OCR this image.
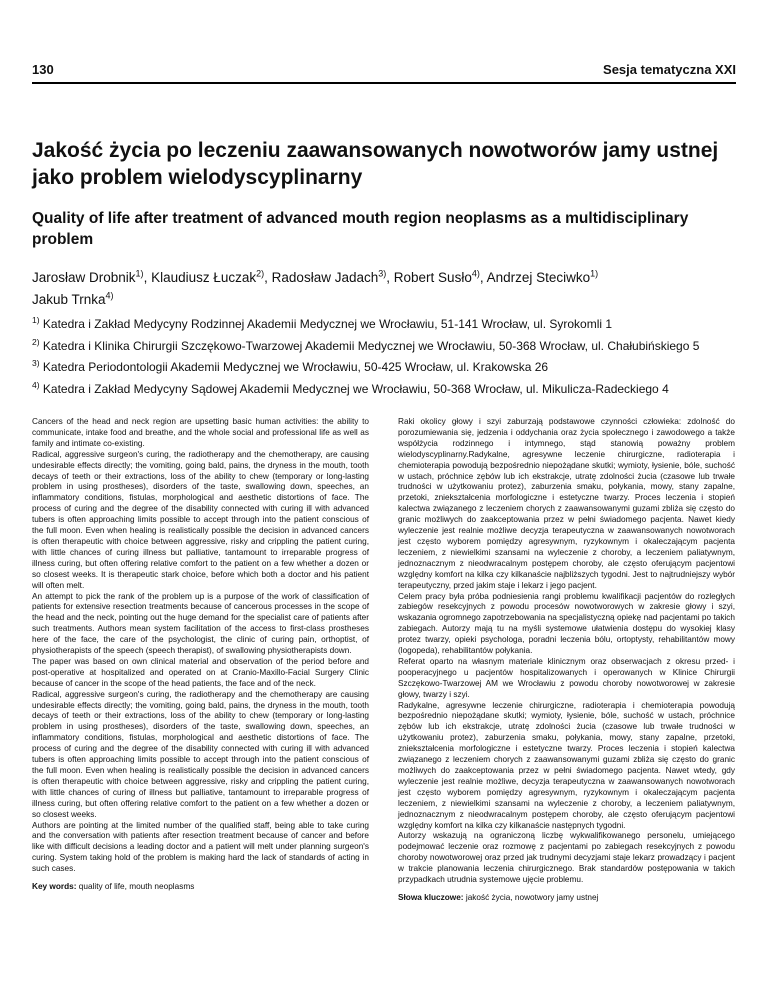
130	Sesja tematyczna XXI
Jakość życia po leczeniu zaawansowanych nowotworów jamy ustnej jako problem wielodyscyplinarny
Quality of life after treatment of advanced mouth region neoplasms as a multidisciplinary problem
Jarosław Drobnik$^{1)}$, Klaudiusz Łuczak$^{2)}$, Radosław Jadach$^{3)}$, Robert Susło$^{4)}$, Andrzej Steciwko$^{1)}$
Jakub Trnka$^{4)}$
$^{1)}$ Katedra i Zakład Medycyny Rodzinnej Akademii Medycznej we Wrocławiu, 51-141 Wrocław, ul. Syrokomli 1
$^{2)}$ Katedra i Klinika Chirurgii Szczękowo-Twarzowej Akademii Medycznej we Wrocławiu, 50-368 Wrocław, ul. Chałubińskiego 5
$^{3)}$ Katedra Periodontologii Akademii Medycznej we Wrocławiu, 50-425 Wrocław, ul. Krakowska 26
$^{4)}$ Katedra i Zakład Medycyny Sądowej Akademii Medycznej we Wrocławiu, 50-368 Wrocław, ul. Mikulicza-Radeckiego 4

Cancers of the head and neck region are upsetting basic human activities: the ability to communicate, intake food and breathe, and the whole social and professional life as well as family and intimate co-existing.

Radical, aggressive surgeon's curing, the radiotherapy and the chemotherapy, are causing undesirable effects directly; the vomiting, going bald, pains, the dryness in the mouth, tooth decays of teeth or their extractions, loss of the ability to chew (temporary or long-lasting problem in using prostheses), disorders of the taste, swallowing down, speeches, an inflammatory conditions, fistulas, morphological and aesthetic distortions of face. The process of curing and the degree of the disability connected with curing ill with advanced tubers is often approaching limits possible to accept through into the patient conscious of the full moon. Even when healing is realistically possible the decision in advanced cancers is often therapeutic with choice between aggressive, risky and crippling the patient curing, with little chances of curing illness but palliative, tantamount to irreparable progress of illness curing, but often offering relative comfort to the patient on a few whether a dozen or so closest weeks. It is therapeutic stark choice, before which both a doctor and his patient will often melt.

An attempt to pick the rank of the problem up is a purpose of the work of classification of patients for extensive resection treatments because of cancerous processes in the scope of the head and the neck, pointing out the huge demand for the specialist care of patients after such treatments. Authors mean system facilitation of the access to first-class prostheses here of the face, the care of the psychologist, the clinic of curing pain, orthoptist, of physiotherapists of the speech (speech therapist), of swallowing physiotherapists down.

The paper was based on own clinical material and observation of the period before and post-operative at hospitalized and operated on at Cranio-Maxillo-Facial Surgery Clinic because of cancer in the scope of the head patients, the face and of the neck.

Radical, aggressive surgeon's curing, the radiotherapy and the chemotherapy are causing undesirable effects directly; the vomiting, going bald, pains, the dryness in the mouth, tooth decays of teeth or their extractions, loss of the ability to chew (temporary or long-lasting problem in using prostheses), disorders of the taste, swallowing down, speeches, an inflammatory conditions, fistulas, morphological and aesthetic distortions of face. The process of curing and the degree of the disability connected with curing ill with advanced tubers is often approaching limits possible to accept through into the patient conscious of the full moon. Even when healing is realistically possible the decision in advanced cancers is often therapeutic with choice between aggressive, risky and crippling the patient curing, with little chances of curing of illness but palliative, tantamount to irreparable progress of illness curing, but often offering relative comfort to the patient on a few whether a dozen or so closest weeks.

Authors are pointing at the limited number of the qualified staff, being able to take curing and the conversation with patients after resection treatment because of cancer and before like with difficult decisions a leading doctor and a patient will melt under planning surgeon's curing. System taking hold of the problem is making hard the lack of standards of acting in such cases.

Key words: quality of life, mouth neoplasms

Raki okolicy głowy i szyi zaburzają podstawowe czynności człowieka: zdolność do porozumiewania się, jedzenia i oddychania oraz życia społecznego i zawodowego a także współżycia rodzinnego i intymnego, stąd stanowią poważny problem wielodyscyplinarny.Radykalne, agresywne leczenie chirurgiczne, radioterapia i chemioterapia powodują bezpośrednio niepożądane skutki; wymioty, łysienie, bóle, suchość w ustach, próchnice zębów lub ich ekstrakcje, utratę zdolności żucia (czasowe lub trwałe trudności w użytkowaniu protez), zaburzenia smaku, połykania, mowy, stany zapalne, przetoki, zniekształcenia morfologiczne i estetyczne twarzy. Proces leczenia i stopień kalectwa związanego z leczeniem chorych z zaawansowanymi guzami zbliża się często do granic możliwych do zaakceptowania przez w pełni świadomego pacjenta. Nawet kiedy wyleczenie jest realnie możliwe decyzja terapeutyczna w zaawansowanych nowotworach jest często wyborem pomiędzy agresywnym, ryzykownym i okaleczającym pacjenta leczeniem, z niewielkimi szansami na wyleczenie z choroby, a leczeniem paliatywnym, jednoznacznym z nieodwracalnym postępem choroby, ale często oferującym pacjentowi względny komfort na kilka czy kilkanaście najbliższych tygodni. Jest to najtrudniejszy wybór terapeutyczny, przed jakim staje i lekarz i jego pacjent.

Celem pracy była próba podniesienia rangi problemu kwalifikacji pacjentów do rozległych zabiegów resekcyjnych z powodu procesów nowotworowych w zakresie głowy i szyi, wskazania ogromnego zapotrzebowania na specjalistyczną opiekę nad pacjentami po takich zabiegach. Autorzy mają tu na myśli systemowe ułatwienia dostępu do wysokiej klasy protez twarzy, opieki psychologa, poradni leczenia bólu, ortoptysty, rehabilitantów mowy (logopeda), rehabilitantów połykania.

Referat oparto na własnym materiale klinicznym oraz obserwacjach z okresu przed- i pooperacyjnego u pacjentów hospitalizowanych i operowanych w Klinice Chirurgii Szczękowo-Twarzowej AM we Wrocławiu z powodu choroby nowotworowej w zakresie głowy, twarzy i szyi.

Radykalne, agresywne leczenie chirurgiczne, radioterapia i chemioterapia powodują bezpośrednio niepożądane skutki; wymioty, łysienie, bóle, suchość w ustach, próchnice zębów lub ich ekstrakcje, utratę zdolności żucia (czasowe lub trwałe trudności w użytkowaniu protez), zaburzenia smaku, połykania, mowy, stany zapalne, przetoki, zniekształcenia morfologiczne i estetyczne twarzy. Proces leczenia i stopień kalectwa związanego z leczeniem chorych z zaawansowanymi guzami zbliża się często do granic możliwych do zaakceptowania przez w pełni świadomego pacjenta. Nawet wtedy, gdy wyleczenie jest realnie możliwe, decyzja terapeutyczna w zaawansowanych nowotworach jest często wyborem pomiędzy agresywnym, ryzykownym i okaleczającym pacjenta leczeniem, z niewielkimi szansami na wyleczenie z choroby, a leczeniem paliatywnym, jednoznacznym z nieodwracalnym postępem choroby, ale często oferującym pacjentowi względny komfort na kilka czy kilkanaście następnych tygodni.

Autorzy wskazują na ograniczoną liczbę wykwalifikowanego personelu, umiejącego podejmować leczenie oraz rozmowę z pacjentami po zabiegach resekcyjnych z powodu choroby nowotworowej oraz przed jak trudnymi decyzjami staje lekarz prowadzący i pacjent w trakcie planowania leczenia chirurgicznego. Brak standardów postępowania w takich przypadkach utrudnia systemowe ujęcie problemu.

Słowa kluczowe: jakość życia, nowotwory jamy ustnej
